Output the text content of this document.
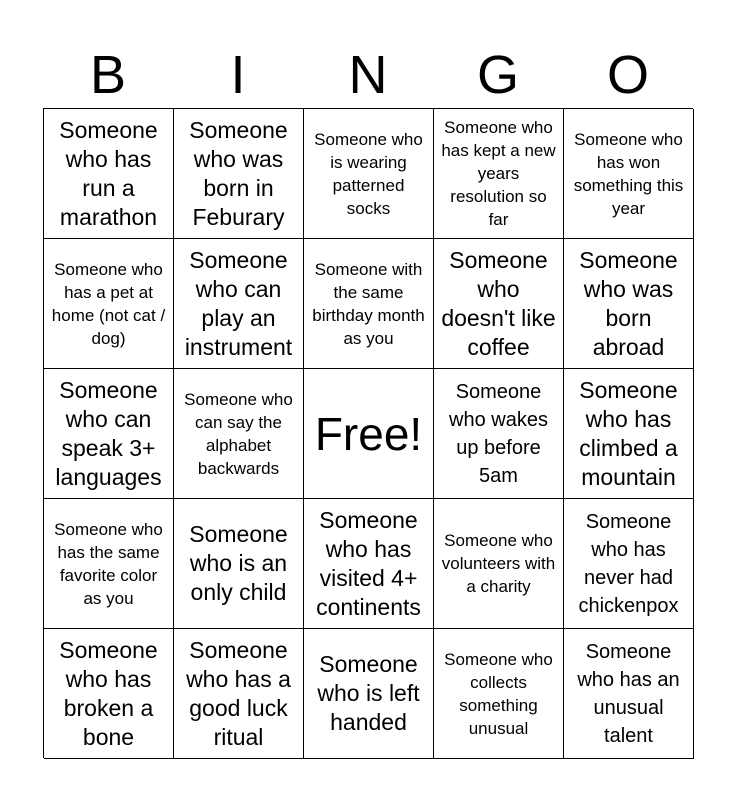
B	I	N	G	O
Someone who has run a marathon
Someone who was born in Feburary
Someone who is wearing patterned socks
Someone who has kept a new years resolution so far
Someone who has won something this year
Someone who has a pet at home (not cat / dog)
Someone who can play an instrument
Someone with the same birthday month as you
Someone who doesn't like coffee
Someone who was born abroad
Someone who can speak 3+ languages
Someone who can say the alphabet backwards
Free!
Someone who wakes up before 5am
Someone who has climbed a mountain
Someone who has the same favorite color as you
Someone who is an only child
Someone who has visited 4+ continents
Someone who volunteers with a charity
Someone who has never had chickenpox
Someone who has broken a bone
Someone who has a good luck ritual
Someone who is left handed
Someone who collects something unusual
Someone who has an unusual talent
